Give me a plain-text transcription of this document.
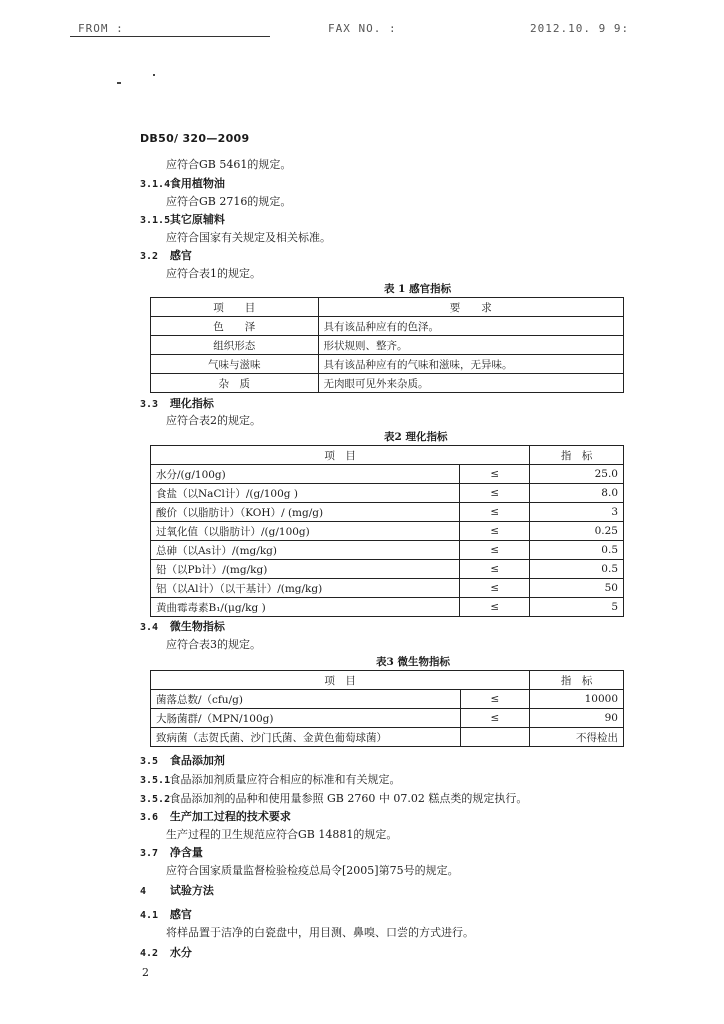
FROM :	FAX NO. :	2012.10. 9 9:
DB50/ 320—2009
应符合GB 5461的规定。
3.1.4 食用植物油
应符合GB 2716的规定。
3.1.5 其它原辅料
应符合国家有关规定及相关标准。
3.2 感官
应符合表1的规定。
表 1 感官指标
项　　目	要　　求
色　　泽	具有该品种应有的色泽。
组织形态	形状规则、整齐。
气味与滋味	具有该品种应有的气味和滋味，无异味。
杂　质	无肉眼可见外来杂质。
3.3 理化指标
应符合表2的规定。
表2 理化指标
项　目		指　标
水分/(g/100g)	≤	25.0
食盐（以NaCl计）/(g/100g )	≤	8.0
酸价（以脂肪计）（KOH）/ (mg/g)	≤	3
过氧化值（以脂肪计）/(g/100g)	≤	0.25
总砷（以As计）/(mg/kg)	≤	0.5
铅（以Pb计）/(mg/kg)	≤	0.5
铝（以Al计）（以干基计）/(mg/kg)	≤	50
黄曲霉毒素B₁/(μg/kg )	≤	5
3.4 微生物指标
应符合表3的规定。
表3 微生物指标
项　目		指　标
菌落总数/（cfu/g)	≤	10000
大肠菌群/（MPN/100g)	≤	90
致病菌（志贺氏菌、沙门氏菌、金黄色葡萄球菌）		不得检出
3.5 食品添加剂
3.5.1 食品添加剂质量应符合相应的标准和有关规定。
3.5.2 食品添加剂的品种和使用量参照 GB 2760 中 07.02 糕点类的规定执行。
3.6 生产加工过程的技术要求
生产过程的卫生规范应符合GB 14881的规定。
3.7 净含量
应符合国家质量监督检验检疫总局令[2005]第75号的规定。
4 试验方法
4.1 感官
将样品置于洁净的白瓷盘中，用目测、鼻嗅、口尝的方式进行。
4.2 水分
2
